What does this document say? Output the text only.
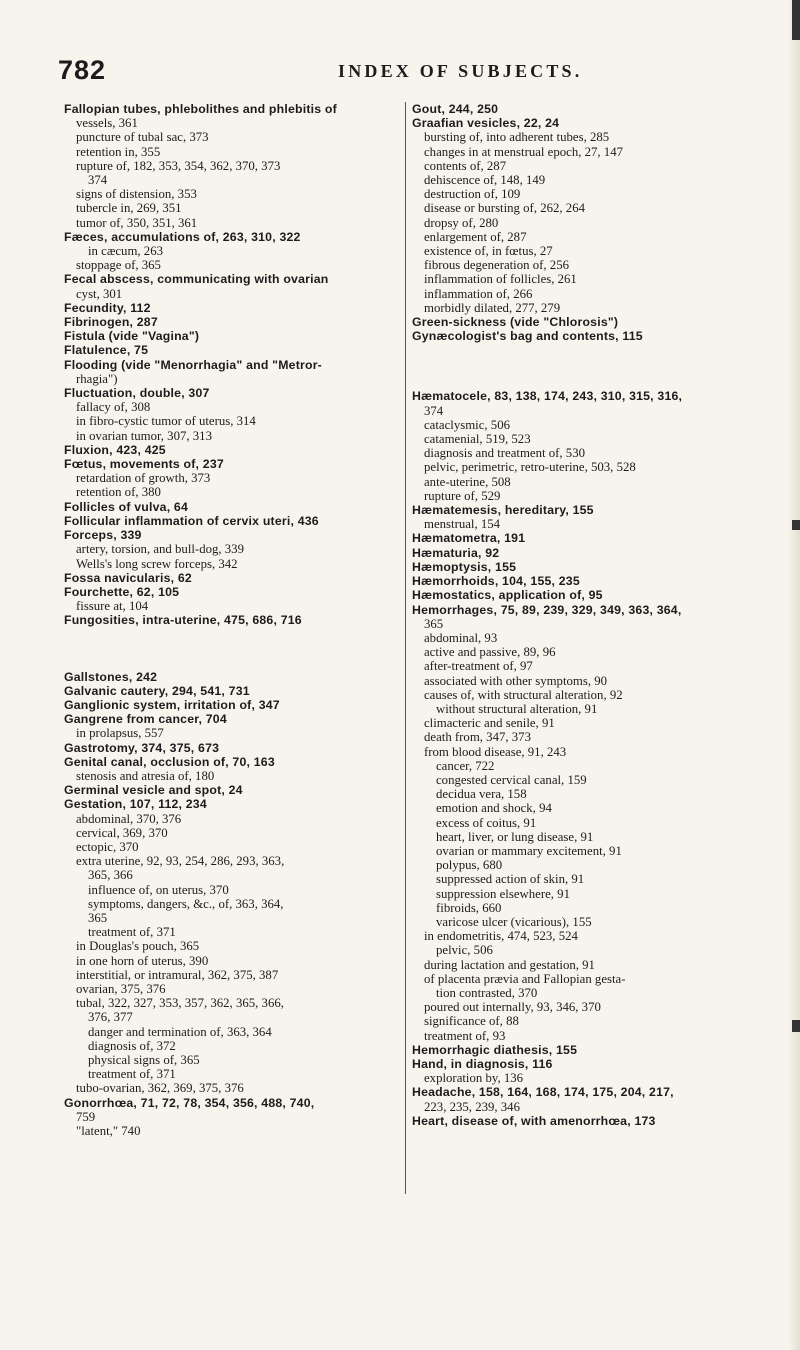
782	INDEX OF SUBJECTS.
Fallopian tubes, phlebolithes and phlebitis of
vessels, 361
puncture of tubal sac, 373
retention in, 355
rupture of, 182, 353, 354, 362, 370, 373
374
signs of distension, 353
tubercle in, 269, 351
tumor of, 350, 351, 361
Fæces, accumulations of, 263, 310, 322
in cæcum, 263
stoppage of, 365
Fecal abscess, communicating with ovarian
cyst, 301
Fecundity, 112
Fibrinogen, 287
Fistula (vide "Vagina")
Flatulence, 75
Flooding (vide "Menorrhagia" and "Metror-
rhagia")
Fluctuation, double, 307
fallacy of, 308
in fibro-cystic tumor of uterus, 314
in ovarian tumor, 307, 313
Fluxion, 423, 425
Fœtus, movements of, 237
retardation of growth, 373
retention of, 380
Follicles of vulva, 64
Follicular inflammation of cervix uteri, 436
Forceps, 339
artery, torsion, and bull-dog, 339
Wells's long screw forceps, 342
Fossa navicularis, 62
Fourchette, 62, 105
fissure at, 104
Fungosities, intra-uterine, 475, 686, 716
Gallstones, 242
Galvanic cautery, 294, 541, 731
Ganglionic system, irritation of, 347
Gangrene from cancer, 704
in prolapsus, 557
Gastrotomy, 374, 375, 673
Genital canal, occlusion of, 70, 163
stenosis and atresia of, 180
Germinal vesicle and spot, 24
Gestation, 107, 112, 234
abdominal, 370, 376
cervical, 369, 370
ectopic, 370
extra uterine, 92, 93, 254, 286, 293, 363,
365, 366
influence of, on uterus, 370
symptoms, dangers, &c., of, 363, 364,
365
treatment of, 371
in Douglas's pouch, 365
in one horn of uterus, 390
interstitial, or intramural, 362, 375, 387
ovarian, 375, 376
tubal, 322, 327, 353, 357, 362, 365, 366,
376, 377
danger and termination of, 363, 364
diagnosis of, 372
physical signs of, 365
treatment of, 371
tubo-ovarian, 362, 369, 375, 376
Gonorrhœa, 71, 72, 78, 354, 356, 488, 740,
759
"latent," 740
Gout, 244, 250
Graafian vesicles, 22, 24
bursting of, into adherent tubes, 285
changes in at menstrual epoch, 27, 147
contents of, 287
dehiscence of, 148, 149
destruction of, 109
disease or bursting of, 262, 264
dropsy of, 280
enlargement of, 287
existence of, in fœtus, 27
fibrous degeneration of, 256
inflammation of follicles, 261
inflammation of, 266
morbidly dilated, 277, 279
Green-sickness (vide "Chlorosis")
Gynæcologist's bag and contents, 115
Hæmatocele, 83, 138, 174, 243, 310, 315, 316,
374
cataclysmic, 506
catamenial, 519, 523
diagnosis and treatment of, 530
pelvic, perimetric, retro-uterine, 503, 528
ante-uterine, 508
rupture of, 529
Hæmatemesis, hereditary, 155
menstrual, 154
Hæmatometra, 191
Hæmaturia, 92
Hæmoptysis, 155
Hæmorrhoids, 104, 155, 235
Hæmostatics, application of, 95
Hemorrhages, 75, 89, 239, 329, 349, 363, 364,
365
abdominal, 93
active and passive, 89, 96
after-treatment of, 97
associated with other symptoms, 90
causes of, with structural alteration, 92
without structural alteration, 91
climacteric and senile, 91
death from, 347, 373
from blood disease, 91, 243
cancer, 722
congested cervical canal, 159
decidua vera, 158
emotion and shock, 94
excess of coitus, 91
heart, liver, or lung disease, 91
ovarian or mammary excitement, 91
polypus, 680
suppressed action of skin, 91
suppression elsewhere, 91
fibroids, 660
varicose ulcer (vicarious), 155
in endometritis, 474, 523, 524
pelvic, 506
during lactation and gestation, 91
of placenta prævia and Fallopian gesta-
tion contrasted, 370
poured out internally, 93, 346, 370
significance of, 88
treatment of, 93
Hemorrhagic diathesis, 155
Hand, in diagnosis, 116
exploration by, 136
Headache, 158, 164, 168, 174, 175, 204, 217,
223, 235, 239, 346
Heart, disease of, with amenorrhœa, 173
